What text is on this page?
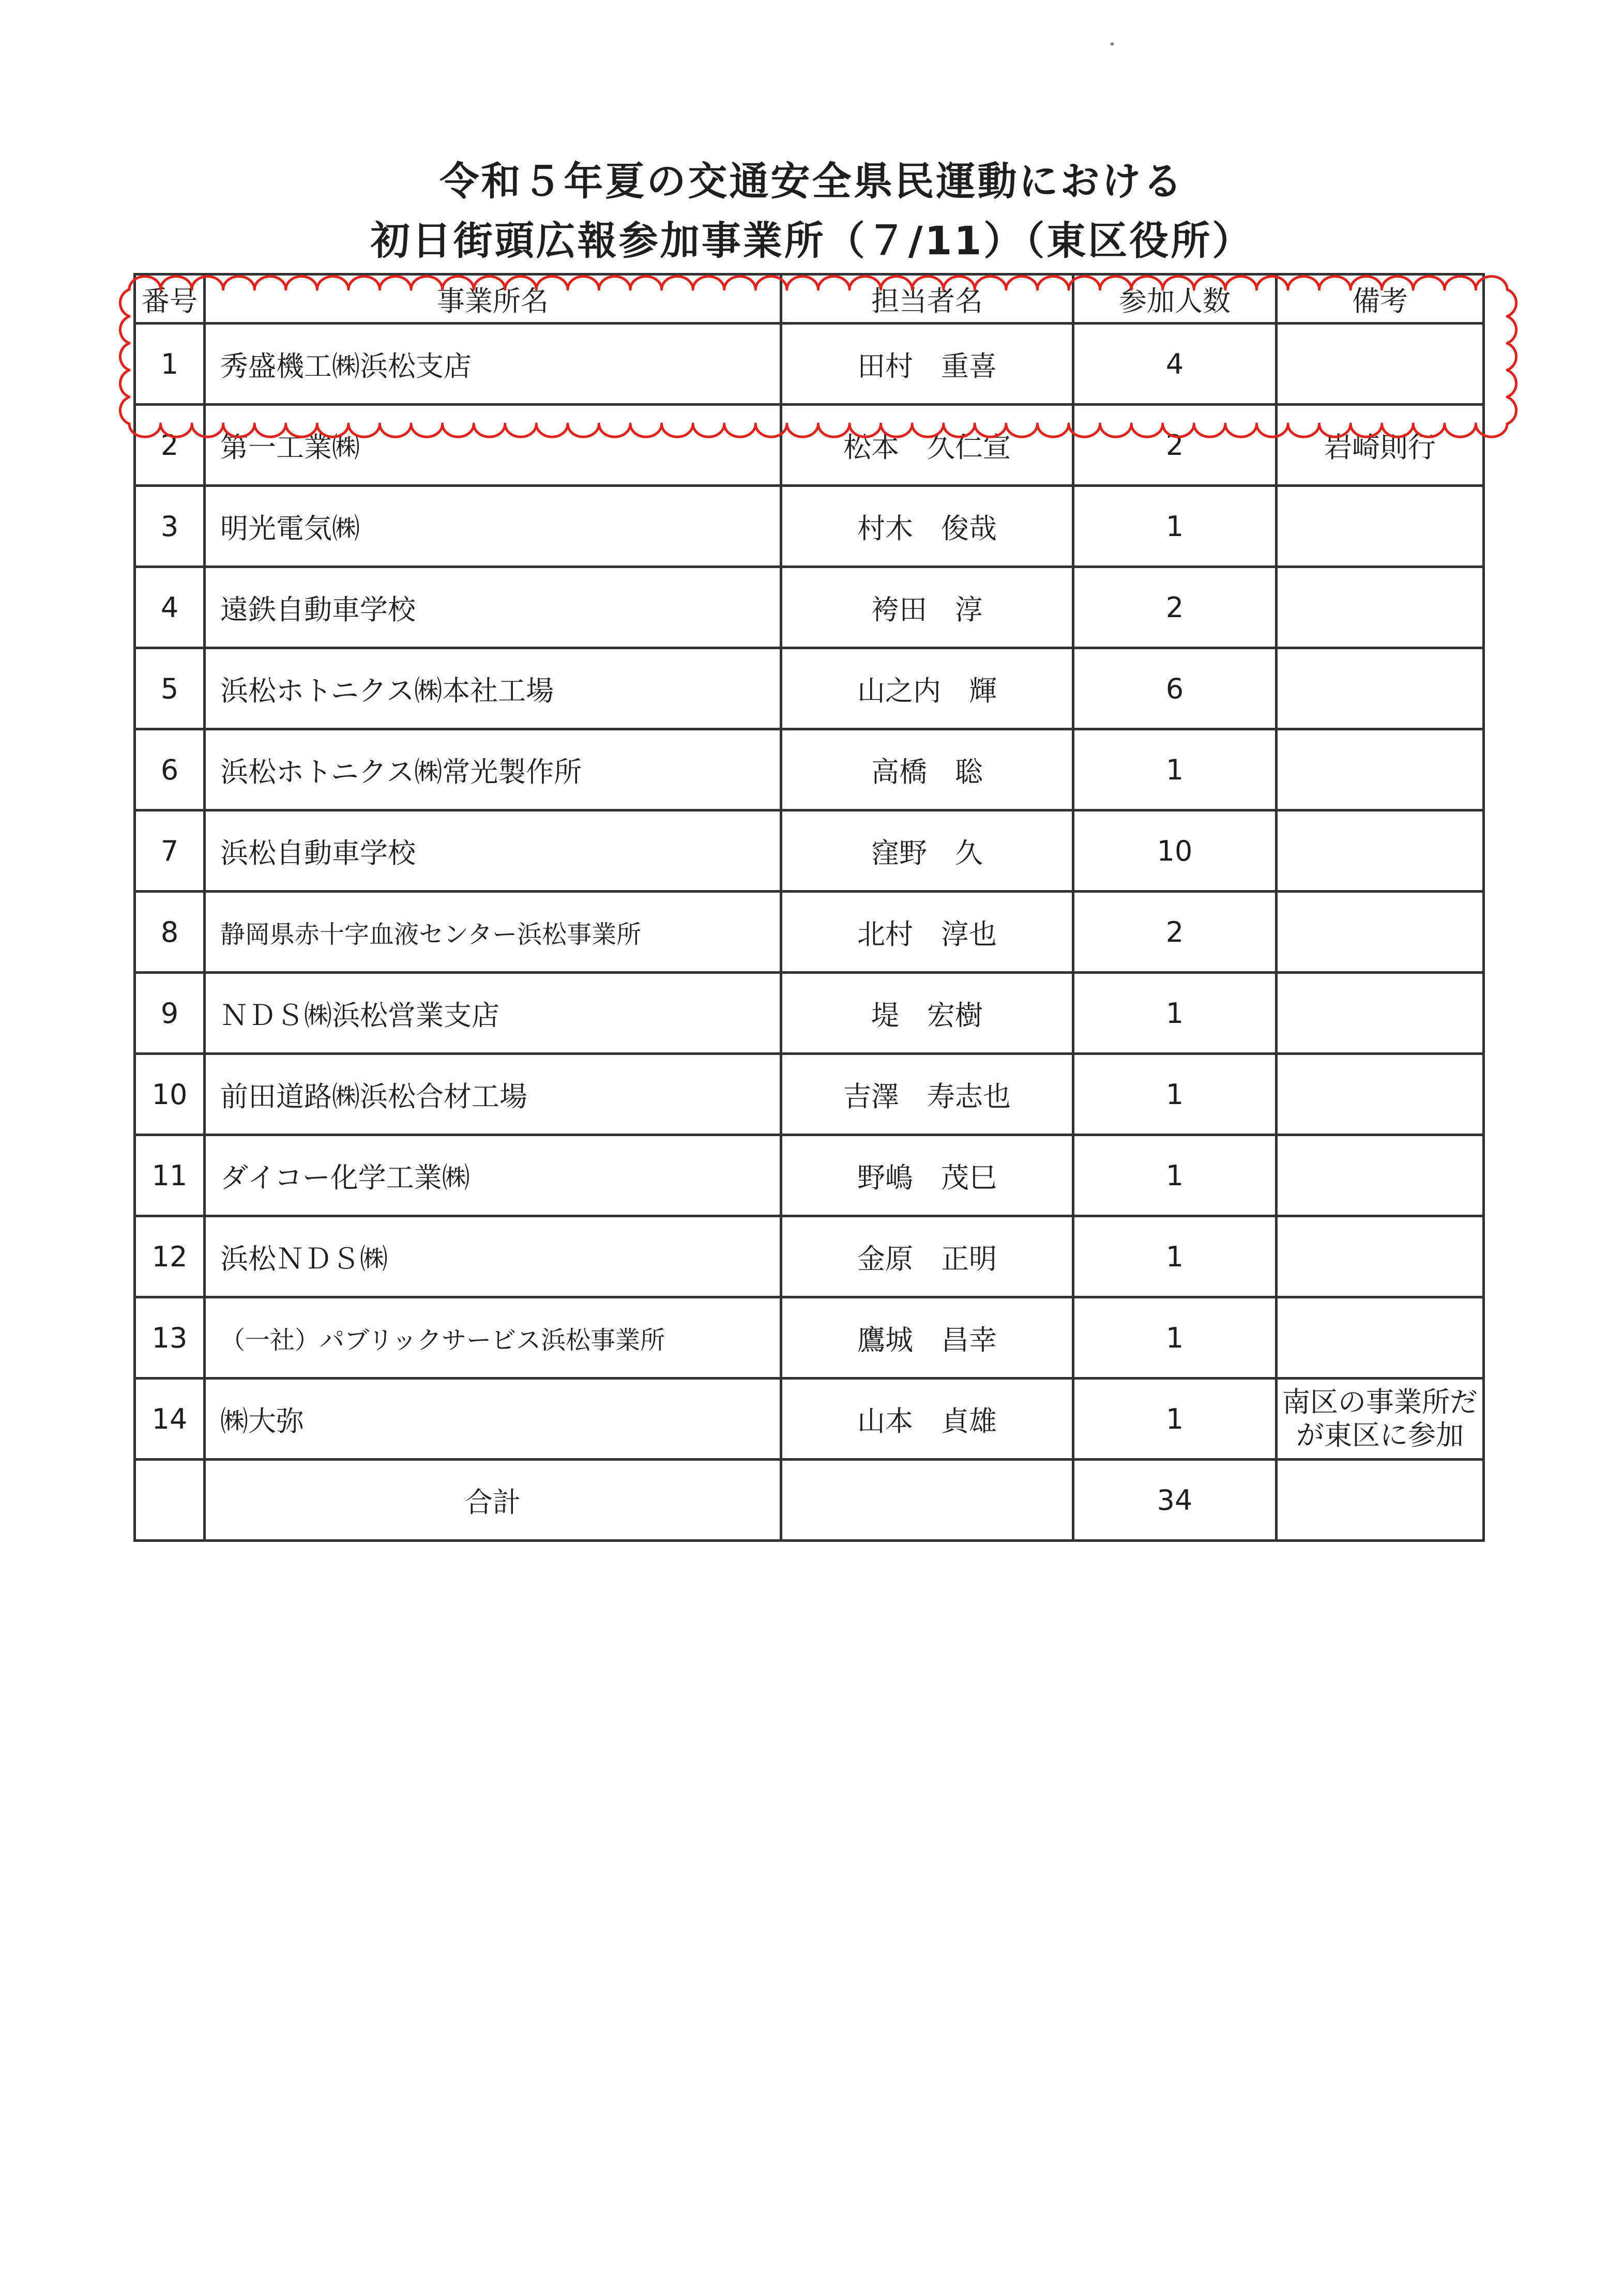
令和５年夏の交通安全県民運動における
初日街頭広報参加事業所（７/11）（東区役所）
番号	事業所名	担当者名	参加人数	備考
1	秀盛機工㈱浜松支店	田村　重喜	4	
2	第一工業㈱	松本　久仁宣	2	岩崎則行
3	明光電気㈱	村木　俊哉	1	
4	遠鉄自動車学校	袴田　淳	2	
5	浜松ホトニクス㈱本社工場	山之内　輝	6	
6	浜松ホトニクス㈱常光製作所	高橋　聡	1	
7	浜松自動車学校	窪野　久	10	
8	静岡県赤十字血液センター浜松事業所	北村　淳也	2	
9	ＮＤＳ㈱浜松営業支店	堤　宏樹	1	
10	前田道路㈱浜松合材工場	吉澤　寿志也	1	
11	ダイコー化学工業㈱	野嶋　茂巳	1	
12	浜松ＮＤＳ㈱	金原　正明	1	
13	（一社）パブリックサービス浜松事業所	鷹城　昌幸	1	
14	㈱大弥	山本　貞雄	1	南区の事業所だが東区に参加
	合計		34	
